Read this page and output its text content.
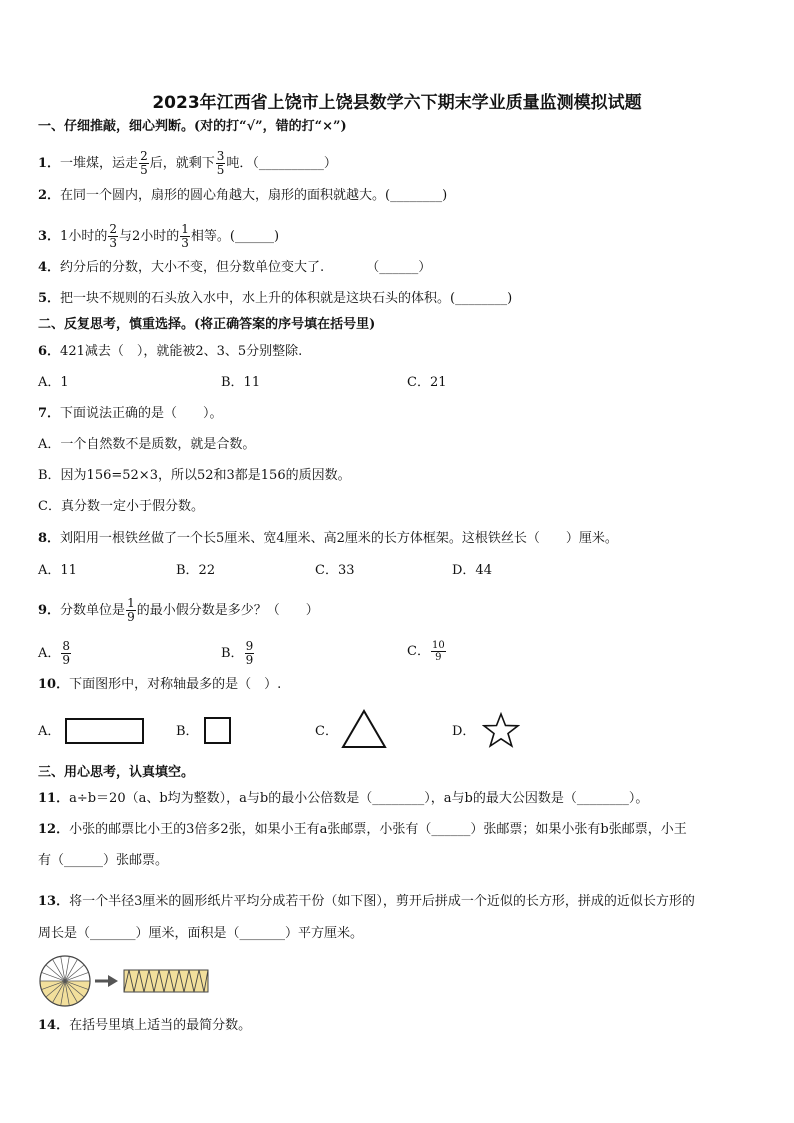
2023年江西省上饶市上饶县数学六下期末学业质量监测模拟试题
一、仔细推敲，细心判断。(对的打“√”，错的打“×”)
1．一堆煤，运走 $\frac{2}{5}$ 后，就剩下 $\frac{3}{5}$ 吨．（__________）
2．在同一个圆内，扇形的圆心角越大，扇形的面积就越大。(________)
3．1小时的 $\frac{2}{3}$ 与2小时的 $\frac{1}{3}$ 相等。(______)
4．约分后的分数，大小不变，但分数单位变大了.	（______）
5．把一块不规则的石头放入水中，水上升的体积就是这块石头的体积。(________)
二、反复思考，慎重选择。(将正确答案的序号填在括号里)
6．421减去（　），就能被2、3、5分别整除.
A．1	B．11	C．21
7．下面说法正确的是（　　）。
A．一个自然数不是质数，就是合数。
B．因为156=52×3，所以52和3都是156的质因数。
C．真分数一定小于假分数。
8．刘阳用一根铁丝做了一个长5厘米、宽4厘米、高2厘米的长方体框架。这根铁丝长（　　）厘米。
A．11	B．22	C．33	D．44
9．分数单位是 $\frac{1}{9}$ 的最小假分数是多少？（　　）
A． $\frac{8}{9}$	B． $\frac{9}{9}$	C． $\frac{10}{9}$
10．下面图形中，对称轴最多的是（　）.
A．	B．	C．	D．
三、用心思考，认真填空。
11．a÷b＝20（a、b均为整数），a与b的最小公倍数是（________），a与b的最大公因数是（________）。
12．小张的邮票比小王的3倍多2张，如果小王有a张邮票，小张有（______）张邮票；如果小张有b张邮票，小王
有（______）张邮票。
13．将一个半径3厘米的圆形纸片平均分成若干份（如下图），剪开后拼成一个近似的长方形，拼成的近似长方形的
周长是（_______）厘米，面积是（_______）平方厘米。
14．在括号里填上适当的最简分数。
